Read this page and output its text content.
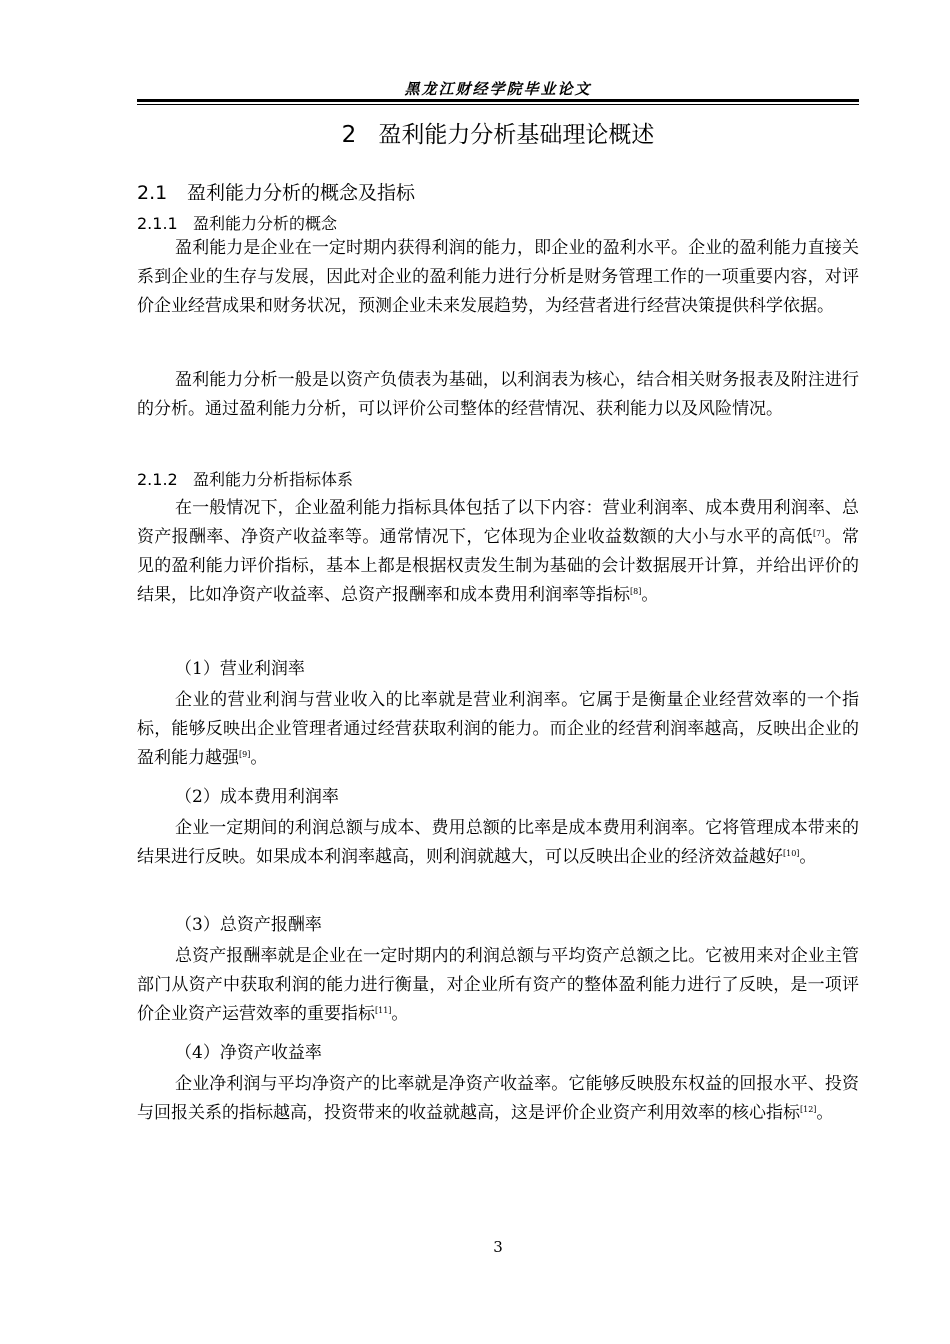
黑龙江财经学院毕业论文
2 盈利能力分析基础理论概述
2.1 盈利能力分析的概念及指标
2.1.1 盈利能力分析的概念

盈利能力是企业在一定时期内获得利润的能力，即企业的盈利水平。企业的盈利能力直接关系到企业的生存与发展，因此对企业的盈利能力进行分析是财务管理工作的一项重要内容，对评价企业经营成果和财务状况，预测企业未来发展趋势，为经营者进行经营决策提供科学依据。

盈利能力分析一般是以资产负债表为基础，以利润表为核心，结合相关财务报表及附注进行的分析。通过盈利能力分析，可以评价公司整体的经营情况、获利能力以及风险情况。

2.1.2 盈利能力分析指标体系

在一般情况下，企业盈利能力指标具体包括了以下内容：营业利润率、成本费用利润率、总资产报酬率、净资产收益率等。通常情况下，它体现为企业收益数额的大小与水平的高低[7]。常见的盈利能力评价指标，基本上都是根据权责发生制为基础的会计数据展开计算，并给出评价的结果，比如净资产收益率、总资产报酬率和成本费用利润率等指标[8]。

（1）营业利润率

企业的营业利润与营业收入的比率就是营业利润率。它属于是衡量企业经营效率的一个指标，能够反映出企业管理者通过经营获取利润的能力。而企业的经营利润率越高，反映出企业的盈利能力越强[9]。

（2）成本费用利润率

企业一定期间的利润总额与成本、费用总额的比率是成本费用利润率。它将管理成本带来的结果进行反映。如果成本利润率越高，则利润就越大，可以反映出企业的经济效益越好[10]。

（3）总资产报酬率

总资产报酬率就是企业在一定时期内的利润总额与平均资产总额之比。它被用来对企业主管部门从资产中获取利润的能力进行衡量，对企业所有资产的整体盈利能力进行了反映，是一项评价企业资产运营效率的重要指标[11]。

（4）净资产收益率

企业净利润与平均净资产的比率就是净资产收益率。它能够反映股东权益的回报水平、投资与回报关系的指标越高，投资带来的收益就越高，这是评价企业资产利用效率的核心指标[12]。

3
